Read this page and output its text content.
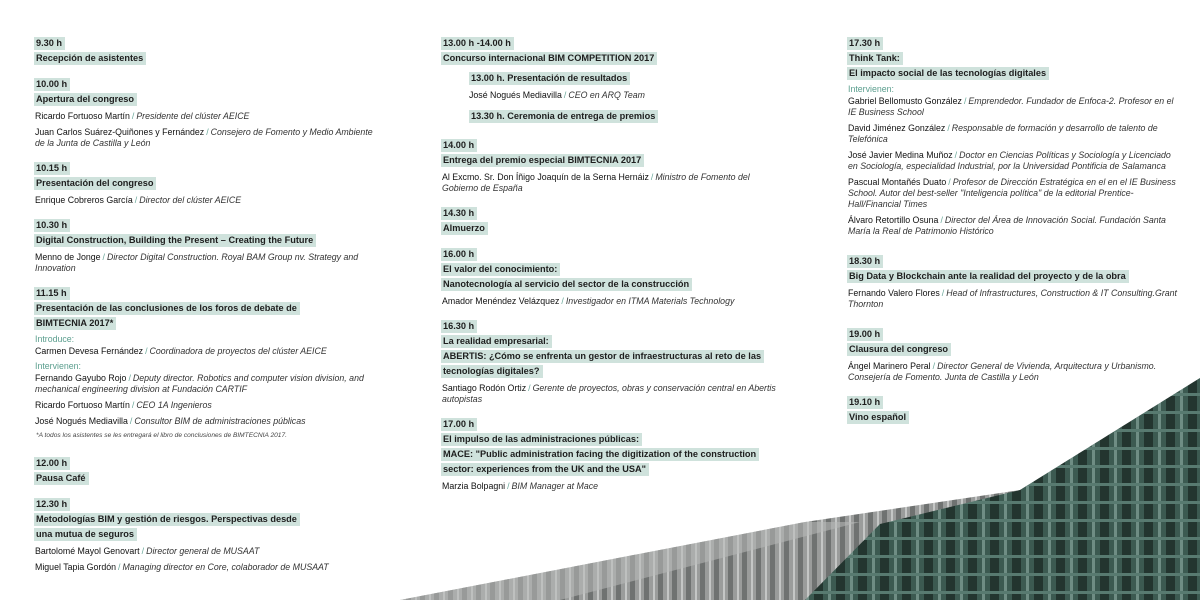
9.30 h
Recepción de asistentes
10.00 h
Apertura del congreso
Ricardo Fortuoso Martín / Presidente del clúster AEICE
Juan Carlos Suárez-Quiñones y Fernández / Consejero de Fomento y Medio Ambiente de la Junta de Castilla y León
10.15 h
Presentación del congreso
Enrique Cobreros García / Director del clúster AEICE
10.30 h
Digital Construction, Building the Present – Creating the Future
Menno de Jonge / Director Digital Construction. Royal BAM Group nv. Strategy and Innovation
11.15 h
Presentación de las conclusiones de los foros de debate de
BIMTECNIA 2017*
Introduce:
Carmen Devesa Fernández / Coordinadora de proyectos del clúster AEICE
Intervienen:
Fernando Gayubo Rojo / Deputy director. Robotics and computer vision division, and mechanical engineering division at Fundación CARTIF
Ricardo Fortuoso Martín / CEO 1A Ingenieros
José Nogués Mediavilla / Consultor BIM de administraciones públicas
*A todos los asistentes se les entregará el libro de conclusiones de BIMTECNIA 2017.
12.00 h
Pausa Café
12.30 h
Metodologías BIM y gestión de riesgos. Perspectivas desde
una mutua de seguros
Bartolomé Mayol Genovart / Director general de MUSAAT
Miguel Tapia Gordón / Managing director en Core, colaborador de MUSAAT
13.00 h -14.00 h
Concurso internacional BIM COMPETITION 2017
13.00 h. Presentación de resultados
José Nogués Mediavilla / CEO en ARQ Team
13.30 h. Ceremonia de entrega de premios
14.00 h
Entrega del premio especial BIMTECNIA 2017
Al Excmo. Sr. Don Íñigo Joaquín de la Serna Hernáiz / Ministro de Fomento del Gobierno de España
14.30 h
Almuerzo
16.00 h
El valor del conocimiento:
Nanotecnología al servicio del sector de la construcción
Amador Menéndez Velázquez / Investigador en ITMA Materials Technology
16.30 h
La realidad empresarial:
ABERTIS: ¿Cómo se enfrenta un gestor de infraestructuras al reto de las
tecnologías digitales?
Santiago Rodón Ortiz / Gerente de proyectos, obras y conservación central en Abertis autopistas
17.00 h
El impulso de las administraciones públicas:
MACE: "Public administration facing the digitization of the construction
sector: experiences from the UK and the USA"
Marzia Bolpagni / BIM Manager at Mace
17.30 h
Think Tank:
El impacto social de las tecnologías digitales
Intervienen:
Gabriel Bellomusto González / Emprendedor. Fundador de Enfoca-2. Profesor en el IE Business School
David Jiménez González / Responsable de formación y desarrollo de talento de Telefónica
José Javier Medina Muñoz / Doctor en Ciencias Políticas y Sociología y Licenciado en Sociología, especialidad Industrial, por la Universidad Pontificia de Salamanca
Pascual Montañés Duato / Profesor de Dirección Estratégica en el en el IE Business School. Autor del best-seller "Inteligencia política" de la editorial Prentice-Hall/Financial Times
Álvaro Retortillo Osuna / Director del Área de Innovación Social. Fundación Santa María la Real de Patrimonio Histórico
18.30 h
Big Data y Blockchain ante la realidad del proyecto y de la obra
Fernando Valero Flores / Head of Infrastructures, Construction & IT Consulting.Grant Thornton
19.00 h
Clausura del congreso
Ángel Marinero Peral / Director General de Vivienda, Arquitectura y Urbanismo. Consejería de Fomento. Junta de Castilla y León
19.10 h
Vino español
